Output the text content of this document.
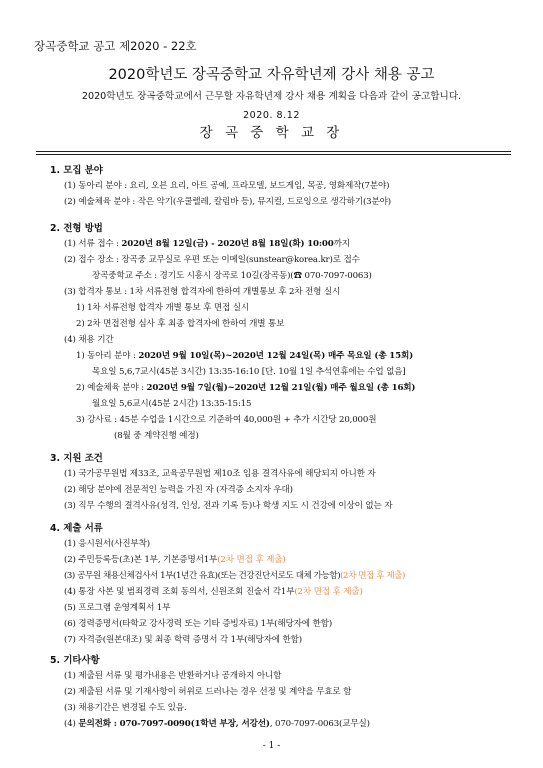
장곡중학교 공고 제2020 - 22호
2020학년도 장곡중학교 자유학년제 강사 채용 공고
2020학년도 장곡중학교에서 근무할 자유학년제 강사 채용 계획을 다음과 같이 공고합니다.
2020. 8.12
장 곡 중 학 교 장
1. 모집 분야
(1) 동아리 분야 : 요리, 오븐 요리, 아트 공예, 프라모델, 보드게임, 목공, 영화제작(7분야)
(2) 예술체육 분야 : 작은 악기(우쿨렐레, 칼림바 등), 뮤지컬, 드로잉으로 생각하기(3분야)
2. 전형 방법
(1) 서류 접수 : 2020년 8월 12일(금) - 2020년 8월 18일(화) 10:00까지
(2) 접수 장소 : 장곡중 교무실로 우편 또는 이메일(sunstear@korea.kr)로 접수
장곡중학교 주소 : 경기도 시흥시 장곡로 10길(장곡동)(☎ 070-7097-0063)
(3) 합격자 통보 : 1차 서류전형 합격자에 한하여 개별통보 후 2차 전형 실시
1) 1차 서류전형 합격자 개별 통보 후 면접 실시
2) 2차 면접전형 심사 후 최종 합격자에 한하여 개별 통보
(4) 채용 기간
1) 동아리 분야 : 2020년 9월 10일(목)~2020년 12월 24일(목) 매주 목요일 (총 15회)
목요일 5,6,7교시(45분 3시간) 13:35-16:10 [단. 10월 1일 추석연휴에는 수업 없음]
2) 예술체육 분야 : 2020년 9월 7일(월)~2020년 12월 21일(월) 매주 월요일 (총 16회)
월요일 5,6교시(45분 2시간) 13:35-15:15
3) 강사료 : 45분 수업을 1시간으로 기준하여 40,000원 + 추가 시간당 20,000원
(8월 중 계약진행 예정)
3. 지원 조건
(1) 국가공무원법 제33조, 교육공무원법 제10조 임용 결격사유에 해당되지 아니한 자
(2) 해당 분야에 전문적인 능력을 가진 자 (자격증 소지자 우대)
(3) 직무 수행의 결격사유(성격, 인성, 전과 기록 등)나 학생 지도 시 건강에 이상이 없는 자
4. 제출 서류
(1) 응시원서(사진부착)
(2) 주민등록등(초)본 1부, 기본증명서1부(2차 면접 후 제출)
(3) 공무원 채용신체검사서 1부(1년간 유효)(또는 건강진단서로도 대체 가능함)(2차 면접 후 제출)
(4) 통장 사본 및 범죄경력 조회 동의서, 신원조회 진술서 각1부(2차 면접 후 제출)
(5) 프로그램 운영계획서 1부
(6) 경력증명서(타학교 강사경력 또는 기타 증빙자료) 1부(해당자에 한함)
(7) 자격증(원본대조) 및 최종 학력 증명서 각 1부(해당자에 한함)
5. 기타사항
(1) 제출된 서류 및 평가내용은 반환하거나 공개하지 아니함
(2) 제출된 서류 및 기재사항이 허위로 드러나는 경우 선정 및 계약을 무효로 함
(3) 채용기간은 변경될 수도 있음.
(4) 문의전화 : 070-7097-0090(1학년 부장, 서강선), 070-7097-0063(교무실)
- 1 -
